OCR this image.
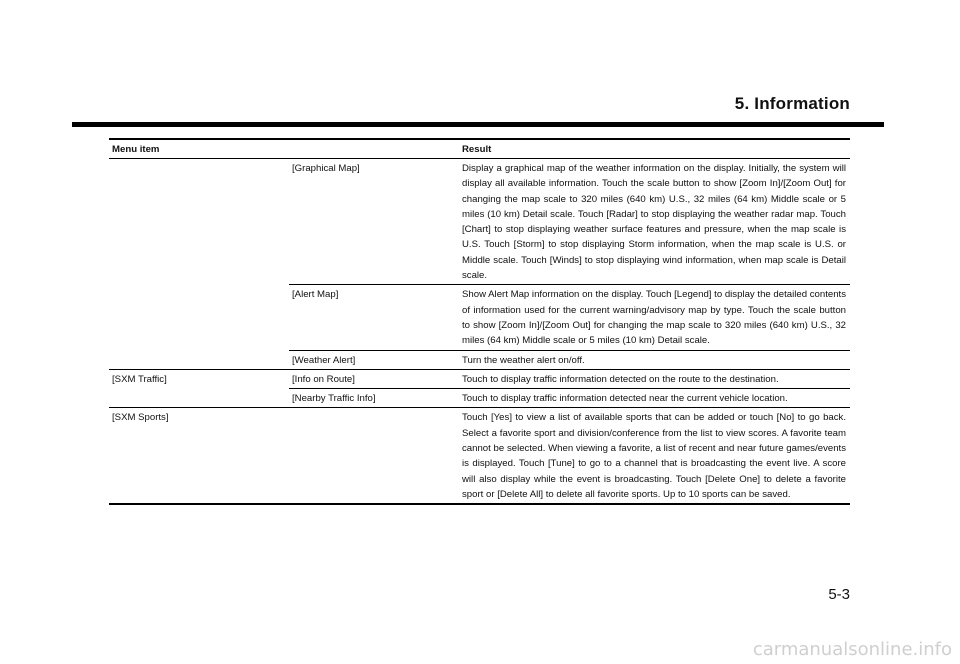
5. Information
Menu item		Result
	[Graphical Map]	Display a graphical map of the weather information on the display. Initially, the system will display all available information. Touch the scale button to show [Zoom In]/[Zoom Out] for changing the map scale to 320 miles (640 km) U.S., 32 miles (64 km) Middle scale or 5 miles (10 km) Detail scale. Touch [Radar] to stop displaying the weather radar map. Touch [Chart] to stop displaying weather surface features and pressure, when the map scale is U.S. Touch [Storm] to stop displaying Storm information, when the map scale is U.S. or Middle scale. Touch [Winds] to stop displaying wind information, when map scale is Detail scale.
	[Alert Map]	Show Alert Map information on the display. Touch [Legend] to display the detailed contents of information used for the current warning/advisory map by type. Touch the scale button to show [Zoom In]/[Zoom Out] for changing the map scale to 320 miles (640 km) U.S., 32 miles (64 km) Middle scale or 5 miles (10 km) Detail scale.
	[Weather Alert]	Turn the weather alert on/off.
[SXM Traffic]	[Info on Route]	Touch to display traffic information detected on the route to the destination.
	[Nearby Traffic Info]	Touch to display traffic information detected near the current vehicle location.
[SXM Sports]		Touch [Yes] to view a list of available sports that can be added or touch [No] to go back. Select a favorite sport and division/conference from the list to view scores. A favorite team cannot be selected. When viewing a favorite, a list of recent and near future games/events is displayed. Touch [Tune] to go to a channel that is broadcasting the event live. A score will also display while the event is broadcasting. Touch [Delete One] to delete a favorite sport or [Delete All] to delete all favorite sports. Up to 10 sports can be saved.
5-3
carmanualsonline.info
